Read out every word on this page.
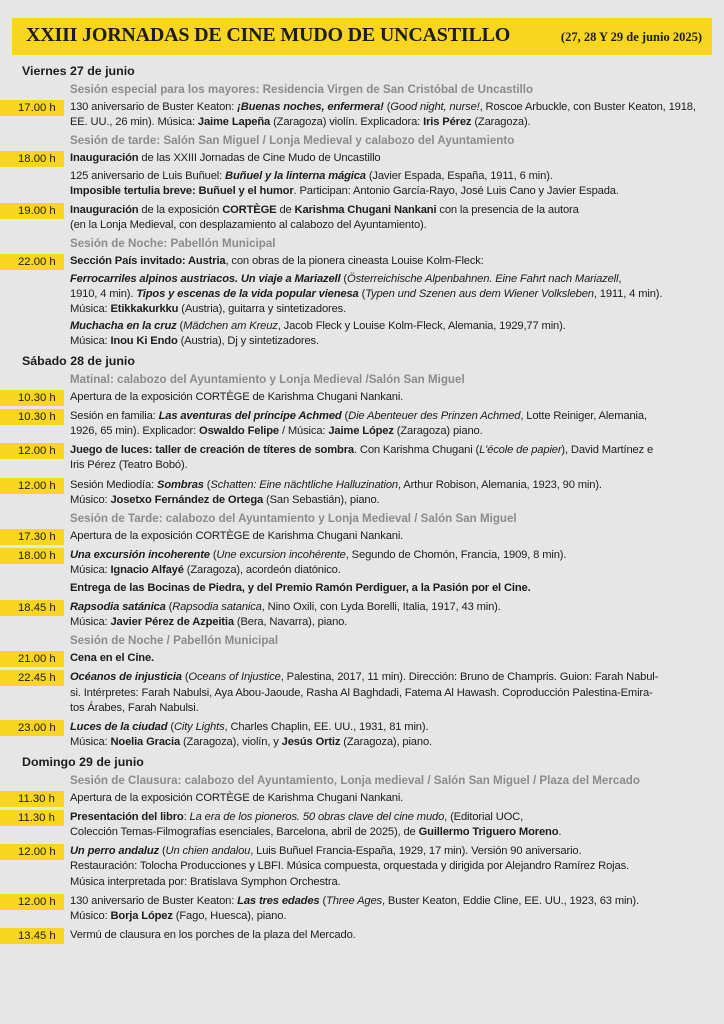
XXIII JORNADAS DE CINE MUDO DE UNCASTILLO	(27, 28 Y 29 de junio 2025)
Viernes 27 de junio
Sesión especial para los mayores: Residencia Virgen de San Cristóbal de Uncastillo
17.00 h	130 aniversario de Buster Keaton: ¡Buenas noches, enfermera! (Good night, nurse!, Roscoe Arbuckle, con Buster Keaton, 1918, EE. UU., 26 min). Música: Jaime Lapeña (Zaragoza) violín. Explicadora: Iris Pérez (Zaragoza).

Sesión de tarde: Salón San Miguel / Lonja Medieval y calabozo del Ayuntamiento
18.00 h	Inauguración de las XXIII Jornadas de Cine Mudo de Uncastillo

125 aniversario de Luis Buñuel: Buñuel y la linterna mágica (Javier Espada, España, 1911, 6 min).
Imposible tertulia breve: Buñuel y el humor. Participan: Antonio García-Rayo, José Luis Cano y Javier Espada.

19.00 h	Inauguración de la exposición CORTÈGE de Karishma Chugani Nankani con la presencia de la autora
(en la Lonja Medieval, con desplazamiento al calabozo del Ayuntamiento).

Sesión de Noche: Pabellón Municipal
22.00 h	Sección País invitado: Austria, con obras de la pionera cineasta Louise Kolm-Fleck:

Ferrocarriles alpinos austriacos. Un viaje a Mariazell (Österreichische Alpenbahnen. Eine Fahrt nach Mariazell,
1910, 4 min). Tipos y escenas de la vida popular vienesa (Typen und Szenen aus dem Wiener Volksleben, 1911, 4 min).
Música: Etikkakurkku (Austria), guitarra y sintetizadores.

Muchacha en la cruz (Mädchen am Kreuz, Jacob Fleck y Louise Kolm-Fleck, Alemania, 1929,77 min).
Música: Inou Ki Endo (Austria), Dj y sintetizadores.

Sábado 28 de junio
Matinal: calabozo del Ayuntamiento y Lonja Medieval /Salón San Miguel
10.30 h	Apertura de la exposición CORTÈGE de Karishma Chugani Nankani.

10.30 h	Sesión en familia: Las aventuras del príncipe Achmed (Die Abenteuer des Prinzen Achmed, Lotte Reiniger, Alemania,
1926, 65 min). Explicador: Oswaldo Felipe / Música: Jaime López (Zaragoza) piano.

12.00 h	Juego de luces: taller de creación de títeres de sombra. Con Karishma Chugani (L'école de papier), David Martínez e
Iris Pérez (Teatro Bobó).

12.00 h	Sesión Mediodía: Sombras (Schatten: Eine nächtliche Halluzination, Arthur Robison, Alemania, 1923, 90 min).
Músico: Josetxo Fernández de Ortega (San Sebastián), piano.

Sesión de Tarde: calabozo del Ayuntamiento y Lonja Medieval / Salón San Miguel
17.30 h	Apertura de la exposición CORTÈGE de Karishma Chugani Nankani.

18.00 h	Una excursión incoherente (Une excursion incohérente, Segundo de Chomón, Francia, 1909, 8 min).
Música: Ignacio Alfayé (Zaragoza), acordeón diatónico.

Entrega de las Bocinas de Piedra, y del Premio Ramón Perdiguer, a la Pasión por el Cine.

18.45 h	Rapsodia satánica (Rapsodia satanica, Nino Oxili, con Lyda Borelli, Italia, 1917, 43 min).
Música: Javier Pérez de Azpeitia (Bera, Navarra), piano.

Sesión de Noche / Pabellón Municipal
21.00 h	Cena en el Cine.

22.45 h	Océanos de injusticia (Oceans of Injustice, Palestina, 2017, 11 min). Dirección: Bruno de Champris. Guion: Farah Nabul-
si. Intérpretes: Farah Nabulsi, Aya Abou-Jaoude, Rasha Al Baghdadi, Fatema Al Hawash. Coproducción Palestina-Emira-
tos Árabes, Farah Nabulsi.

23.00 h	Luces de la ciudad (City Lights, Charles Chaplin, EE. UU., 1931, 81 min).
Música: Noelia Gracia (Zaragoza), violín, y Jesús Ortiz (Zaragoza), piano.

Domingo 29 de junio
Sesión de Clausura: calabozo del Ayuntamiento, Lonja medieval / Salón San Miguel / Plaza del Mercado
11.30 h	Apertura de la exposición CORTÈGE de Karishma Chugani Nankani.

11.30 h	Presentación del libro: La era de los pioneros. 50 obras clave del cine mudo, (Editorial UOC,
Colección Temas-Filmografías esenciales, Barcelona, abril de 2025), de Guillermo Triguero Moreno.

12.00 h	Un perro andaluz (Un chien andalou, Luis Buñuel Francia-España, 1929, 17 min). Versión 90 aniversario.
Restauración: Tolocha Producciones y LBFI. Música compuesta, orquestada y dirigida por Alejandro Ramírez Rojas.
Música interpretada por: Bratislava Symphon Orchestra.

12.00 h	130 aniversario de Buster Keaton: Las tres edades (Three Ages, Buster Keaton, Eddie Cline, EE. UU., 1923, 63 min).
Músico: Borja López (Fago, Huesca), piano.

13.45 h	Vermú de clausura en los porches de la plaza del Mercado.
